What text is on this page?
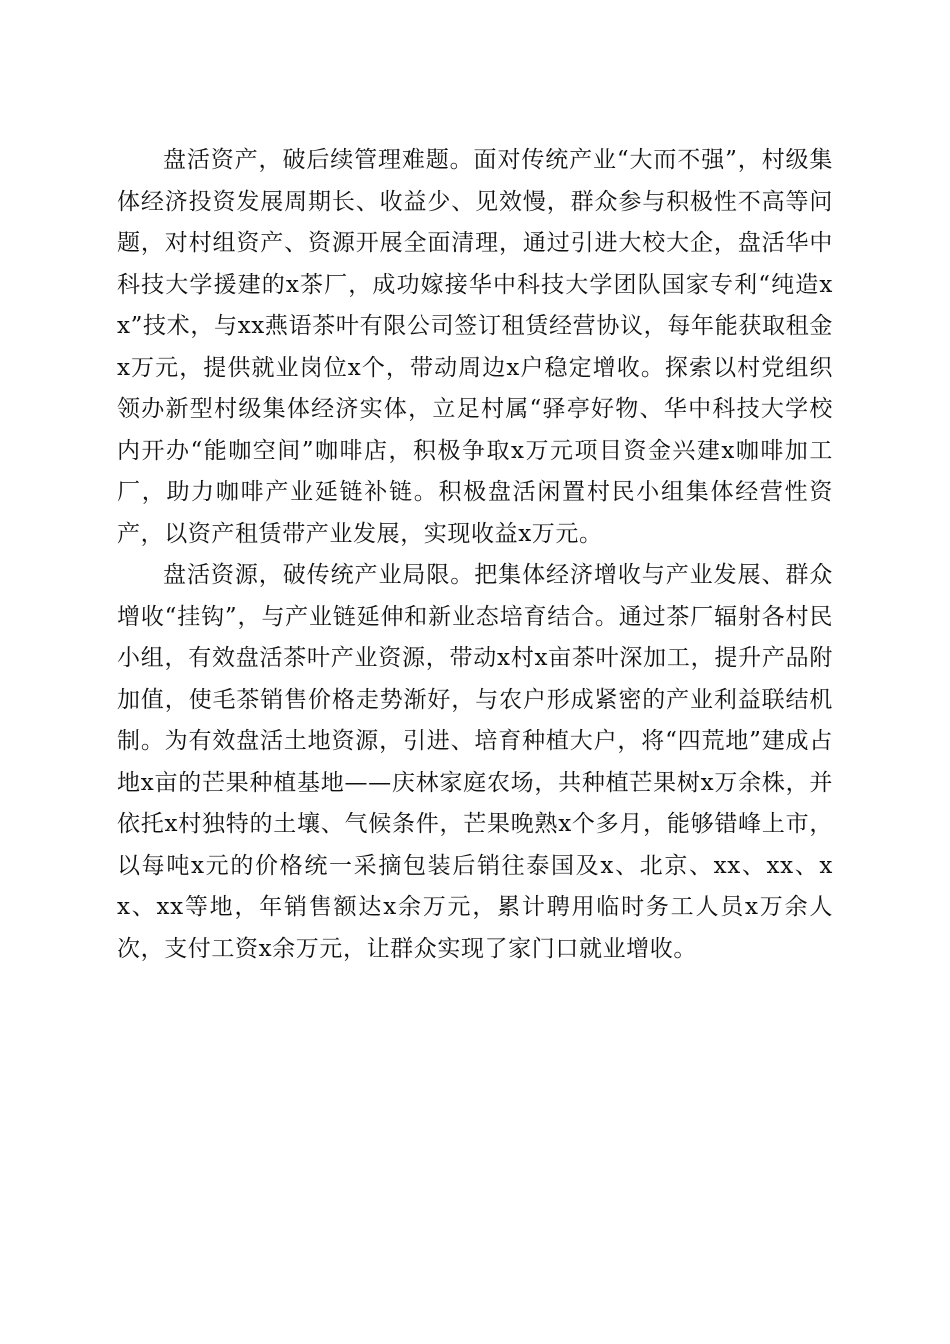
盘活资产，破后续管理难题。面对传统产业“大而不强”，村级集体经济投资发展周期长、收益少、见效慢，群众参与积极性不高等问题，对村组资产、资源开展全面清理，通过引进大校大企，盘活华中科技大学援建的x茶厂，成功嫁接华中科技大学团队国家专利“纯造xx”技术，与xx燕语茶叶有限公司签订租赁经营协议，每年能获取租金x万元，提供就业岗位x个，带动周边x户稳定增收。探索以村党组织领办新型村级集体经济实体，立足村属“驿亭好物、华中科技大学校内开办“能咖空间”咖啡店，积极争取x万元项目资金兴建x咖啡加工厂，助力咖啡产业延链补链。积极盘活闲置村民小组集体经营性资产，以资产租赁带产业发展，实现收益x万元。

盘活资源，破传统产业局限。把集体经济增收与产业发展、群众增收“挂钩”，与产业链延伸和新业态培育结合。通过茶厂辐射各村民小组，有效盘活茶叶产业资源，带动x村x亩茶叶深加工，提升产品附加值，使毛茶销售价格走势渐好，与农户形成紧密的产业利益联结机制。为有效盘活土地资源，引进、培育种植大户，将“四荒地”建成占地x亩的芒果种植基地——庆林家庭农场，共种植芒果树x万余株，并依托x村独特的土壤、气候条件，芒果晚熟x个多月，能够错峰上市，以每吨x元的价格统一采摘包装后销往泰国及x、北京、xx、xx、xx、xx等地，年销售额达x余万元，累计聘用临时务工人员x万余人次，支付工资x余万元，让群众实现了家门口就业增收。
